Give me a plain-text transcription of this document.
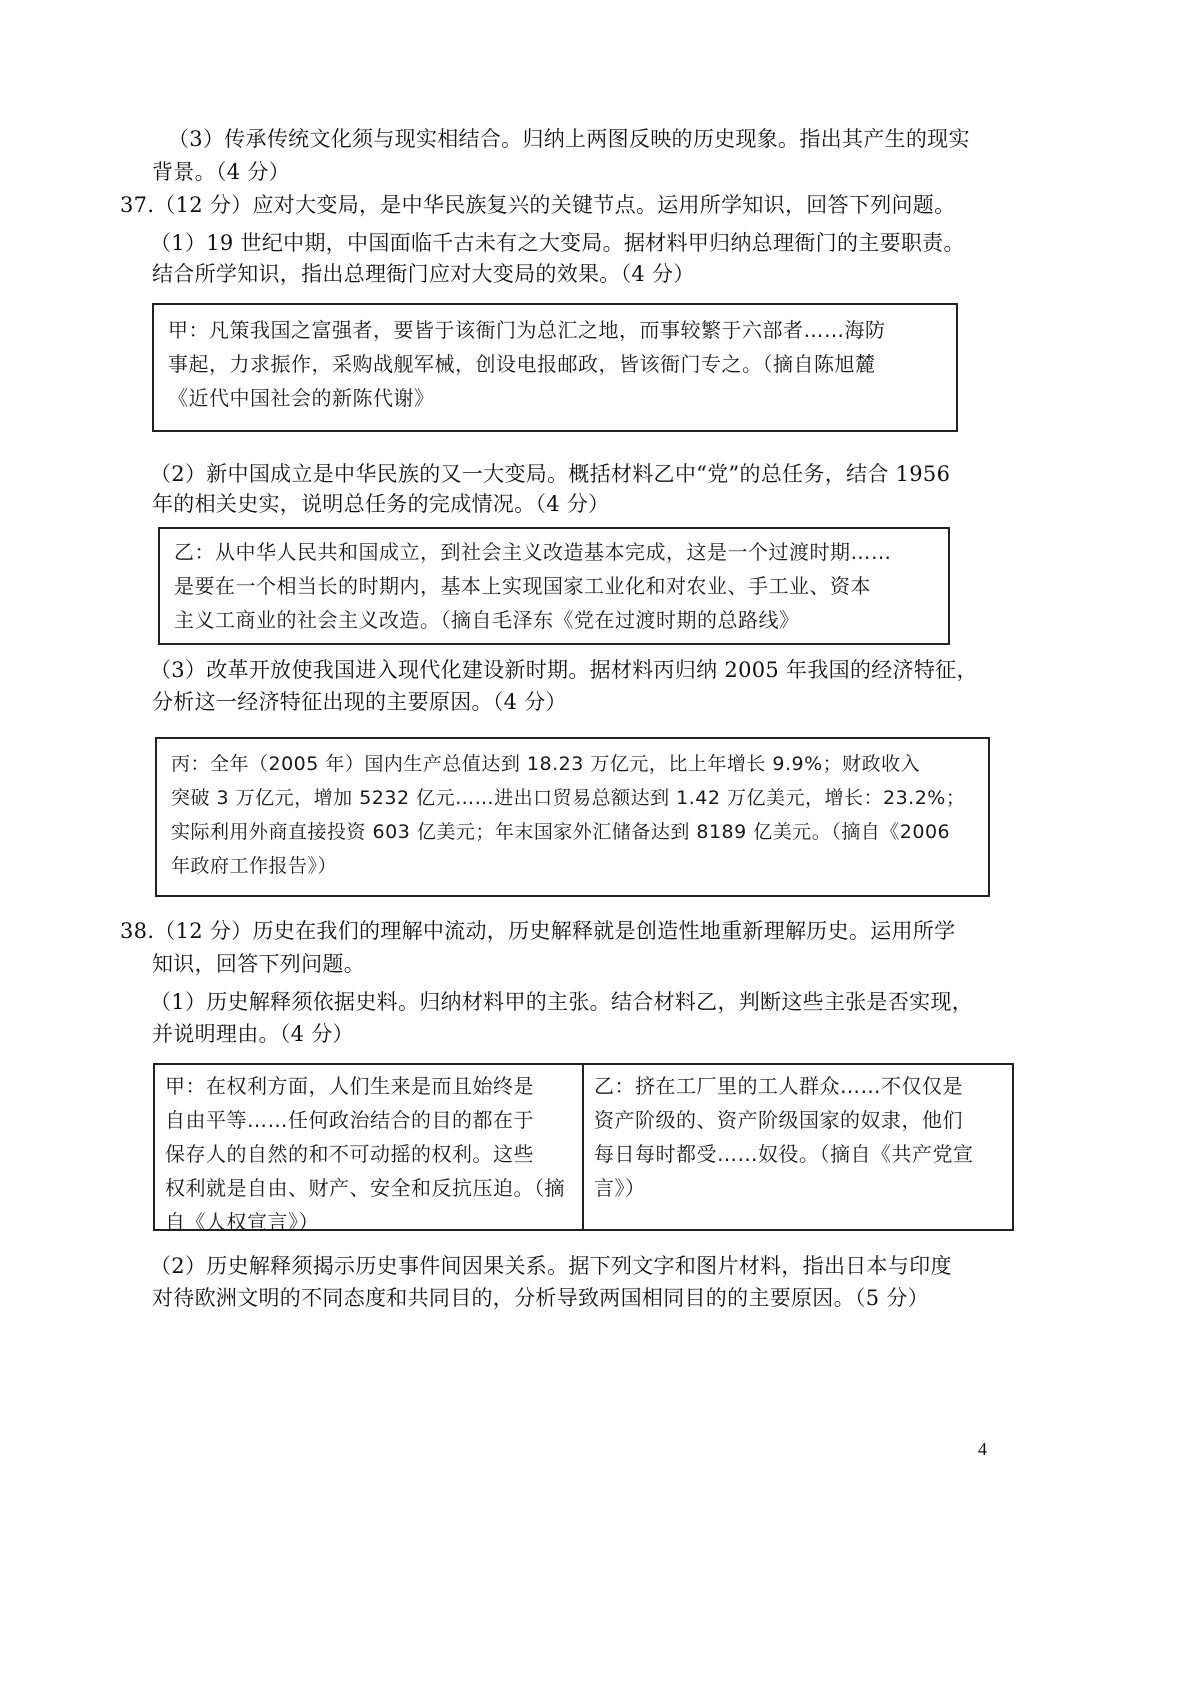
（3）传承传统文化须与现实相结合。归纳上两图反映的历史现象。指出其产生的现实
背景。（4 分）
37.（12 分）应对大变局，是中华民族复兴的关键节点。运用所学知识，回答下列问题。
（1）19 世纪中期，中国面临千古未有之大变局。据材料甲归纳总理衙门的主要职责。
结合所学知识，指出总理衙门应对大变局的效果。（4 分）
甲：凡策我国之富强者，要皆于该衙门为总汇之地，而事较繁于六部者……海防
事起，力求振作，采购战舰军械，创设电报邮政，皆该衙门专之。（摘自陈旭麓
《近代中国社会的新陈代谢》
（2）新中国成立是中华民族的又一大变局。概括材料乙中“党”的总任务，结合 1956
年的相关史实，说明总任务的完成情况。（4 分）
乙：从中华人民共和国成立，到社会主义改造基本完成，这是一个过渡时期……
是要在一个相当长的时期内，基本上实现国家工业化和对农业、手工业、资本
主义工商业的社会主义改造。（摘自毛泽东《党在过渡时期的总路线》
（3）改革开放使我国进入现代化建设新时期。据材料丙归纳 2005 年我国的经济特征，
分析这一经济特征出现的主要原因。（4 分）
丙：全年（2005 年）国内生产总值达到 18.23 万亿元，比上年增长 9.9%；财政收入
突破 3 万亿元，增加 5232 亿元……进出口贸易总额达到 1.42 万亿美元，增长：23.2%；
实际利用外商直接投资 603 亿美元；年末国家外汇储备达到 8189 亿美元。（摘自《2006
年政府工作报告》）
38.（12 分）历史在我们的理解中流动，历史解释就是创造性地重新理解历史。运用所学
知识，回答下列问题。
（1）历史解释须依据史料。归纳材料甲的主张。结合材料乙，判断这些主张是否实现，
并说明理由。（4 分）
甲：在权利方面，人们生来是而且始终是
自由平等……任何政治结合的目的都在于
保存人的自然的和不可动摇的权利。这些
权利就是自由、财产、安全和反抗压迫。（摘
自《人权宣言》）
乙：挤在工厂里的工人群众……不仅仅是
资产阶级的、资产阶级国家的奴隶，他们
每日每时都受……奴役。（摘自《共产党宣
言》）
（2）历史解释须揭示历史事件间因果关系。据下列文字和图片材料，指出日本与印度
对待欧洲文明的不同态度和共同目的，分析导致两国相同目的的主要原因。（5 分）
4
